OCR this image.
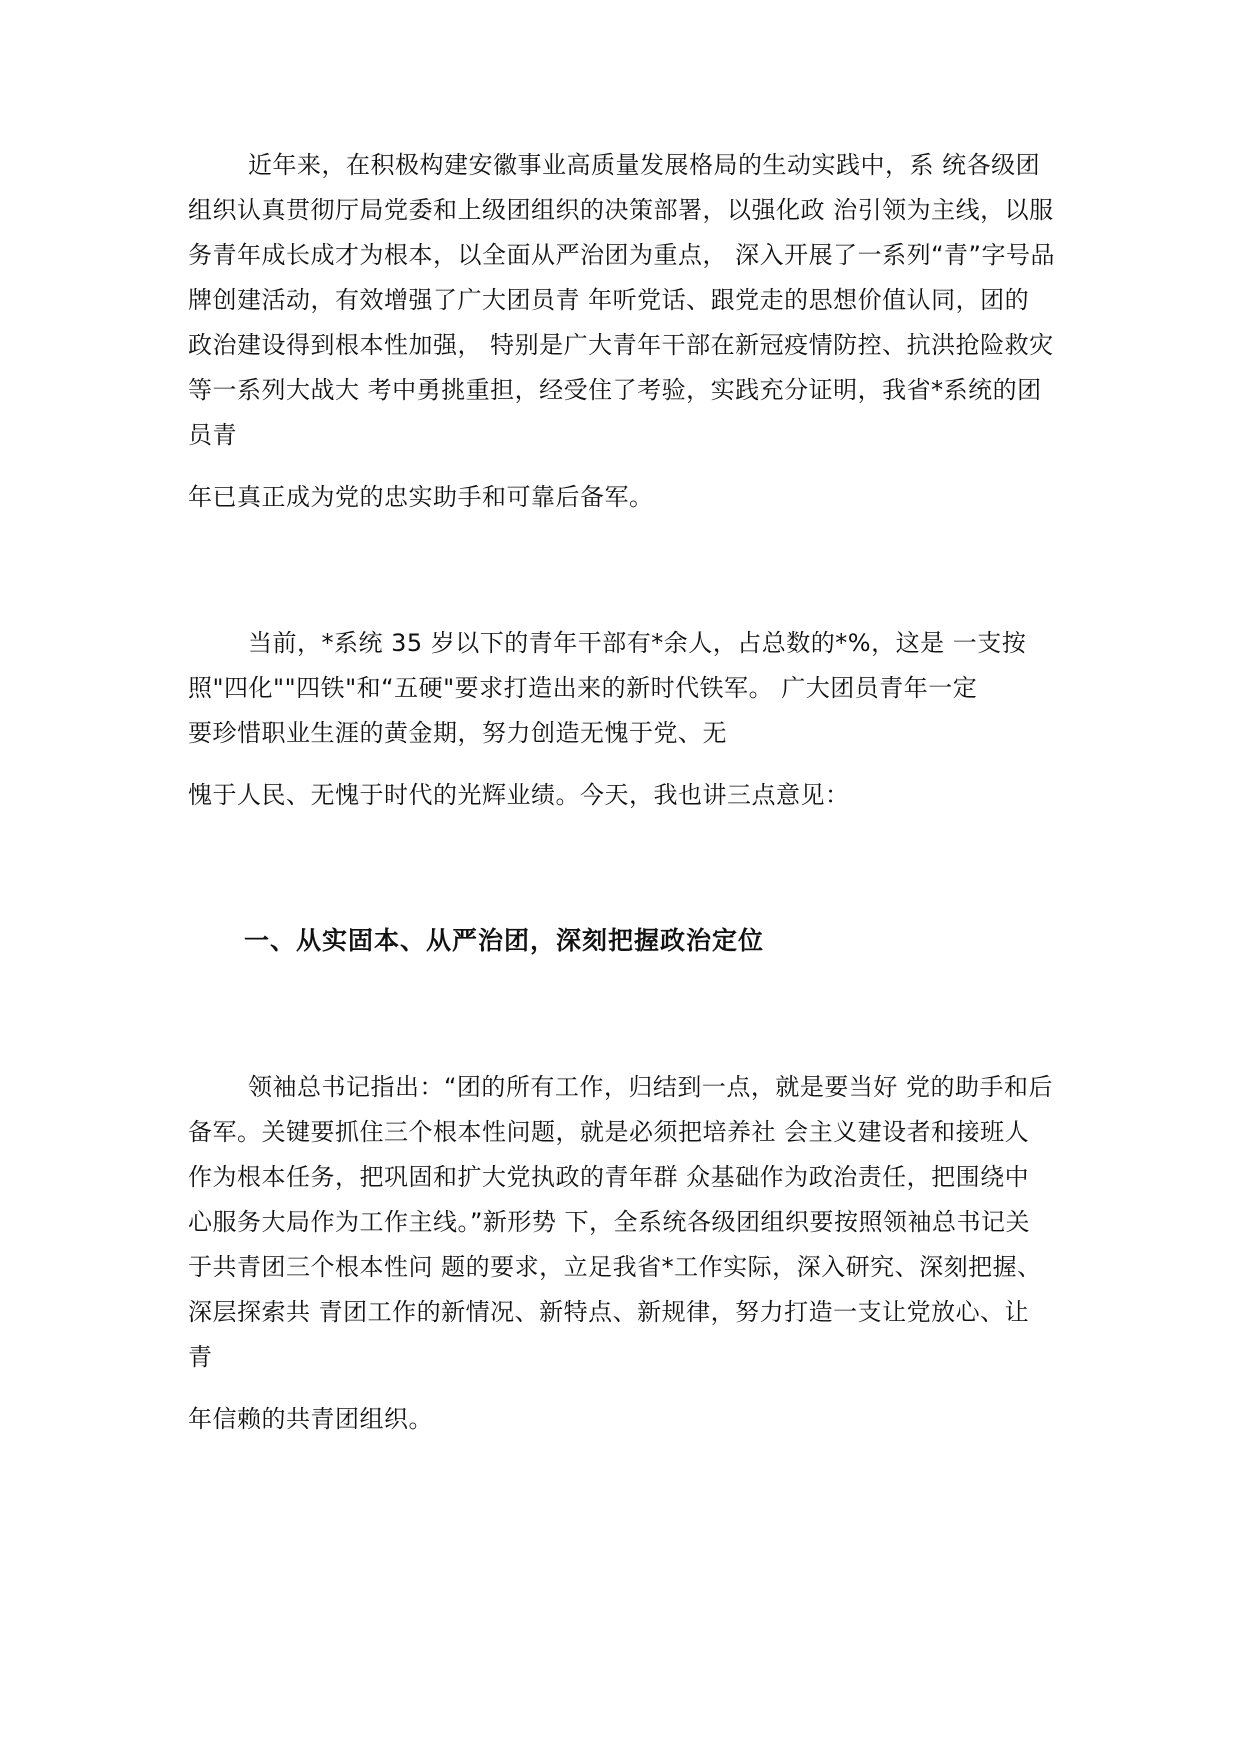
近年来，在积极构建安徽事业高质量发展格局的生动实践中，系 统各级团
组织认真贯彻厅局党委和上级团组织的决策部署，以强化政 治引领为主线，以服
务青年成长成才为根本，以全面从严治团为重点， 深入开展了一系列“青”字号品
牌创建活动，有效增强了广大团员青 年听党话、跟党走的思想价值认同，团的
政治建设得到根本性加强， 特别是广大青年干部在新冠疫情防控、抗洪抢险救灾
等一系列大战大 考中勇挑重担，经受住了考验，实践充分证明，我省*系统的团
员青
年已真正成为党的忠实助手和可靠后备军。
当前，*系统 35 岁以下的青年干部有*余人，占总数的*%，这是 一支按
照"四化""四铁"和“五硬"要求打造出来的新时代铁军。 广大团员青年一定
要珍惜职业生涯的黄金期，努力创造无愧于党、无
愧于人民、无愧于时代的光辉业绩。今天，我也讲三点意见：
一、从实固本、从严治团，深刻把握政治定位
领袖总书记指出：“团的所有工作，归结到一点，就是要当好 党的助手和后
备军。关键要抓住三个根本性问题，就是必须把培养社 会主义建设者和接班人
作为根本任务，把巩固和扩大党执政的青年群 众基础作为政治责任，把围绕中
心服务大局作为工作主线。”新形势 下，全系统各级团组织要按照领袖总书记关
于共青团三个根本性问 题的要求，立足我省*工作实际，深入研究、深刻把握、
深层探索共 青团工作的新情况、新特点、新规律，努力打造一支让党放心、让
青
年信赖的共青团组织。
